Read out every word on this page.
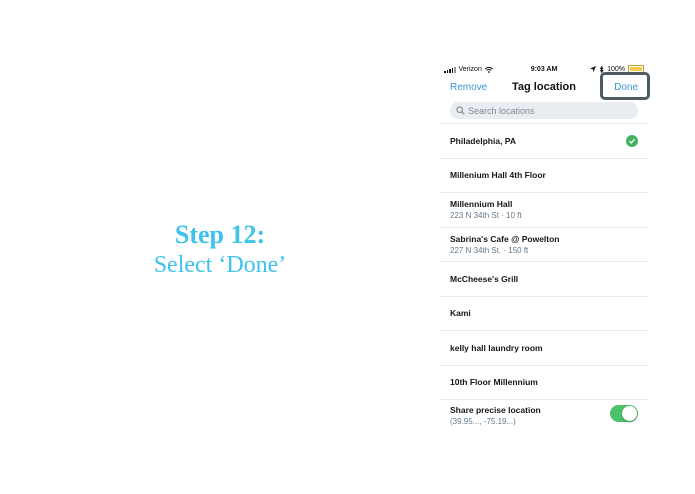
Step 12:
Select ‘Done’
Verizon	9:03 AM	100%
Remove	Tag location	Done
Search locations
Philadelphia, PA
Millenium Hall 4th Floor
Millennium Hall
223 N 34th St · 10 ft
Sabrina's Cafe @ Powelton
227 N 34th St. · 150 ft
McCheese's Grill
Kami
kelly hall laundry room
10th Floor Millennium
Share precise location
(39.95..., -75.19...)
